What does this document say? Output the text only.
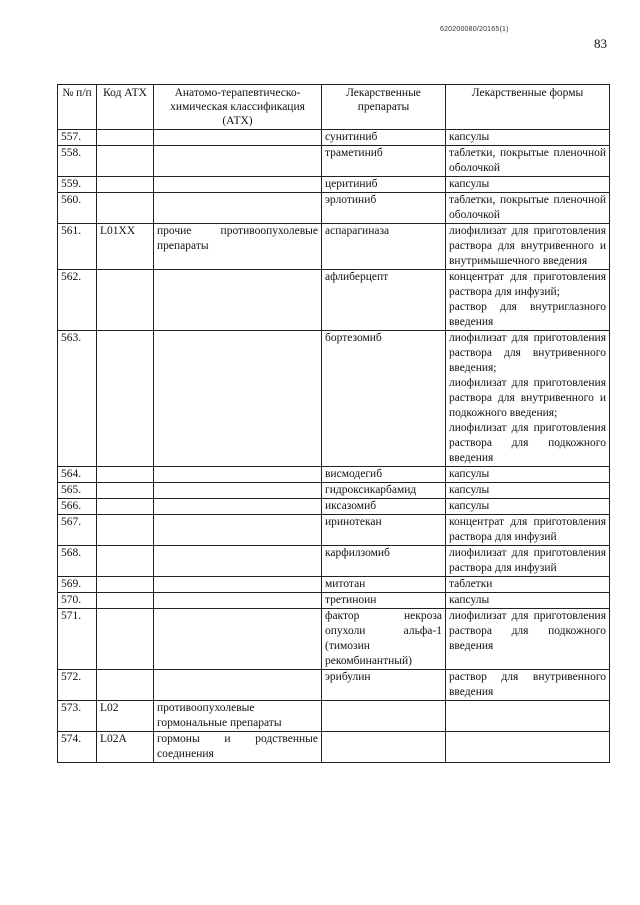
620200080/20165(1)
83
№ п/п	Код АТХ	Анатомо-терапевтическо-химическая классификация (АТХ)	Лекарственные препараты	Лекарственные формы
557.			сунитиниб	капсулы
558.			траметиниб	таблетки, покрытые пленочной оболочкой
559.			церитиниб	капсулы
560.			эрлотиниб	таблетки, покрытые пленочной оболочкой
561.	L01XX	прочие противоопухолевые препараты	аспарагиназа	лиофилизат для приготовления раствора для внутривенного и внутримышечного введения
562.			афлиберцепт	концентрат для приготовления раствора для инфузий;
раствор для внутриглазного введения
563.			бортезомиб	лиофилизат для приготовления раствора для внутривенного введения;
лиофилизат для приготовления раствора для внутривенного и подкожного введения;
лиофилизат для приготовления раствора для подкожного введения
564.			висмодегиб	капсулы
565.			гидроксикарбамид	капсулы
566.			иксазомиб	капсулы
567.			иринотекан	концентрат для приготовления раствора для инфузий
568.			карфилзомиб	лиофилизат для приготовления раствора для инфузий
569.			митотан	таблетки
570.			третиноин	капсулы
571.			фактор некроза опухоли альфа-1 (тимозин рекомбинантный)	лиофилизат для приготовления раствора для подкожного введения
572.			эрибулин	раствор для внутривенного введения
573.	L02	противоопухолевые гормональные препараты		
574.	L02A	гормоны и родственные соединения		
